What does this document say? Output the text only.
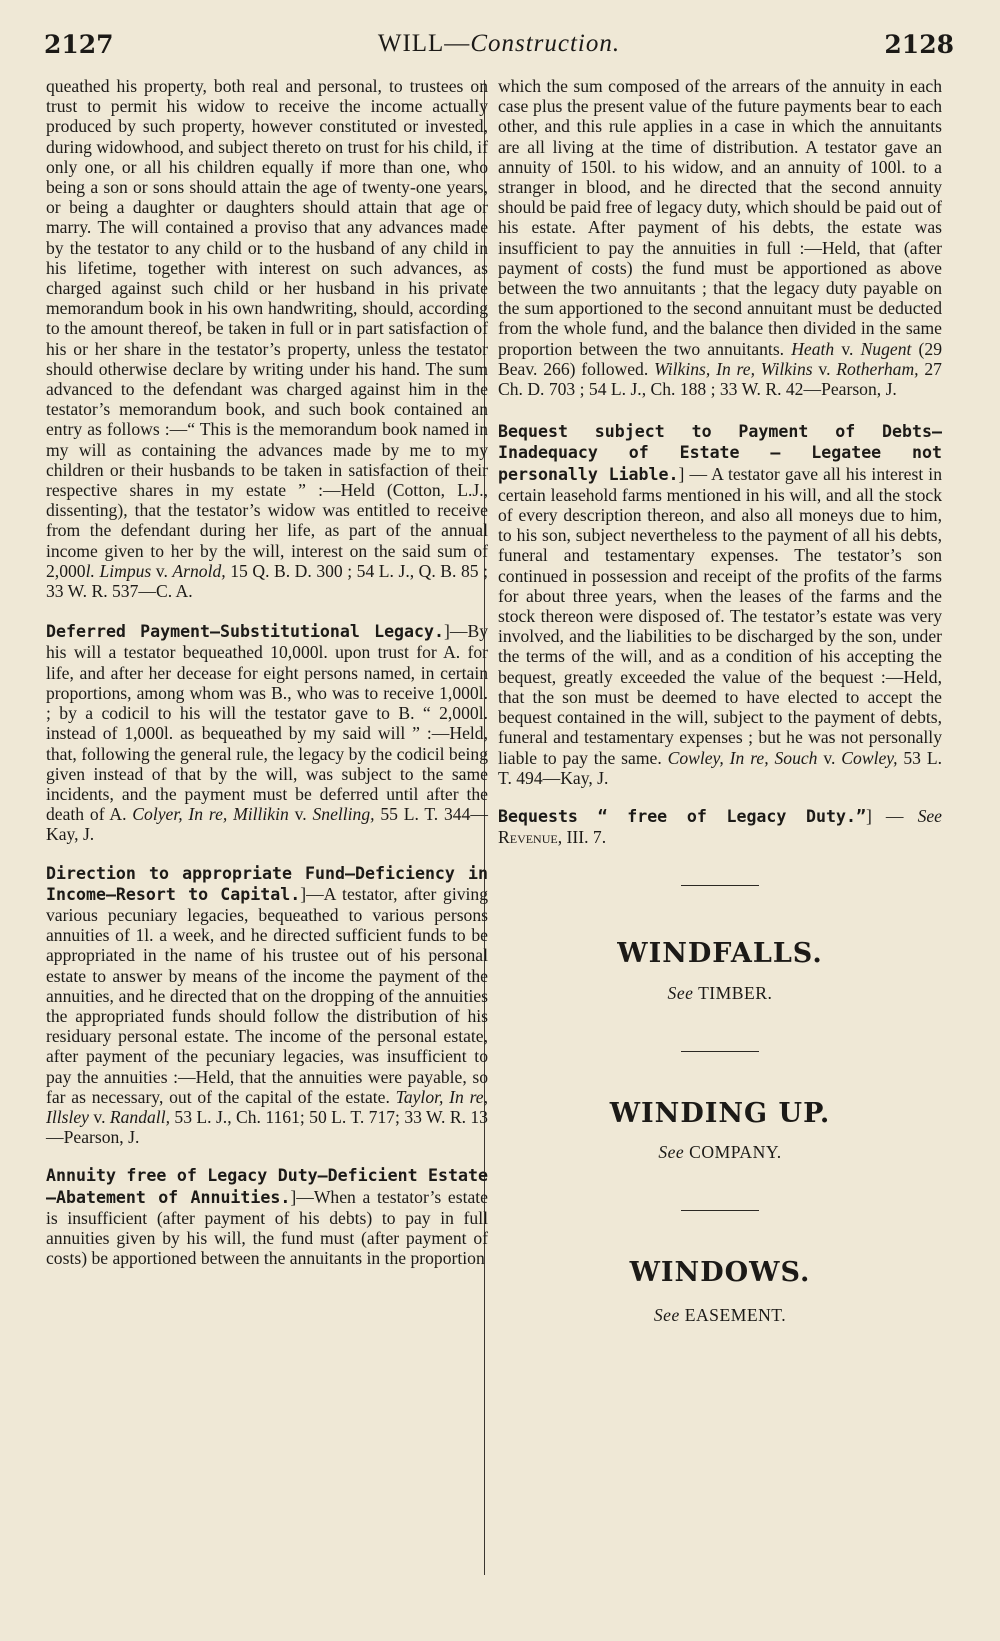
2127	WILL—Construction.	2128

queathed his property, both real and personal, to trustees on trust to permit his widow to receive the income actually produced by such property, however constituted or invested, during widowhood, and subject thereto on trust for his child, if only one, or all his children equally if more than one, who being a son or sons should attain the age of twenty-one years, or being a daughter or daughters should attain that age or marry. The will contained a proviso that any advances made by the testator to any child or to the husband of any child in his lifetime, together with interest on such advances, as charged against such child or her husband in his private memorandum book in his own handwriting, should, according to the amount thereof, be taken in full or in part satisfaction of his or her share in the testator’s property, unless the testator should otherwise declare by writing under his hand. The sum advanced to the defendant was charged against him in the testator’s memorandum book, and such book contained an entry as follows :—“ This is the memorandum book named in my will as containing the advances made by me to my children or their husbands to be taken in satisfaction of their respective shares in my estate ” :—Held (Cotton, L.J., dissenting), that the testator’s widow was entitled to receive from the defendant during her life, as part of the annual income given to her by the will, interest on the said sum of 2,000l. Limpus v. Arnold, 15 Q. B. D. 300 ; 54 L. J., Q. B. 85 ; 33 W. R. 537—C. A.

Deferred Payment—Substitutional Legacy.]—By his will a testator bequeathed 10,000l. upon trust for A. for life, and after her decease for eight persons named, in certain proportions, among whom was B., who was to receive 1,000l. ; by a codicil to his will the testator gave to B. “ 2,000l. instead of 1,000l. as bequeathed by my said will ” :—Held, that, following the general rule, the legacy by the codicil being given instead of that by the will, was subject to the same incidents, and the payment must be deferred until after the death of A. Colyer, In re, Millikin v. Snelling, 55 L. T. 344—Kay, J.

Direction to appropriate Fund—Deficiency in Income—Resort to Capital.]—A testator, after giving various pecuniary legacies, bequeathed to various persons annuities of 1l. a week, and he directed sufficient funds to be appropriated in the name of his trustee out of his personal estate to answer by means of the income the payment of the annuities, and he directed that on the dropping of the annuities the appropriated funds should follow the distribution of his residuary personal estate. The income of the personal estate, after payment of the pecuniary legacies, was insufficient to pay the annuities :—Held, that the annuities were payable, so far as necessary, out of the capital of the estate. Taylor, In re, Illsley v. Randall, 53 L. J., Ch. 1161; 50 L. T. 717; 33 W. R. 13—Pearson, J.

Annuity free of Legacy Duty—Deficient Estate—Abatement of Annuities.]—When a testator’s estate is insufficient (after payment of his debts) to pay in full annuities given by his will, the fund must (after payment of costs) be apportioned between the annuitants in the proportion

which the sum composed of the arrears of the annuity in each case plus the present value of the future payments bear to each other, and this rule applies in a case in which the annuitants are all living at the time of distribution. A testator gave an annuity of 150l. to his widow, and an annuity of 100l. to a stranger in blood, and he directed that the second annuity should be paid free of legacy duty, which should be paid out of his estate. After payment of his debts, the estate was insufficient to pay the annuities in full :—Held, that (after payment of costs) the fund must be apportioned as above between the two annuitants ; that the legacy duty payable on the sum apportioned to the second annuitant must be deducted from the whole fund, and the balance then divided in the same proportion between the two annuitants. Heath v. Nugent (29 Beav. 266) followed. Wilkins, In re, Wilkins v. Rotherham, 27 Ch. D. 703 ; 54 L. J., Ch. 188 ; 33 W. R. 42—Pearson, J.

Bequest subject to Payment of Debts—Inadequacy of Estate — Legatee not personally Liable.] — A testator gave all his interest in certain leasehold farms mentioned in his will, and all the stock of every description thereon, and also all moneys due to him, to his son, subject nevertheless to the payment of all his debts, funeral and testamentary expenses. The testator’s son continued in possession and receipt of the profits of the farms for about three years, when the leases of the farms and the stock thereon were disposed of. The testator’s estate was very involved, and the liabilities to be discharged by the son, under the terms of the will, and as a condition of his accepting the bequest, greatly exceeded the value of the bequest :—Held, that the son must be deemed to have elected to accept the bequest contained in the will, subject to the payment of debts, funeral and testamentary expenses ; but he was not personally liable to pay the same. Cowley, In re, Souch v. Cowley, 53 L. T. 494—Kay, J.

Bequests “ free of Legacy Duty.”] — See Revenue, III. 7.

WINDFALLS.
See TIMBER.
WINDING UP.
See COMPANY.
WINDOWS.
See EASEMENT.
